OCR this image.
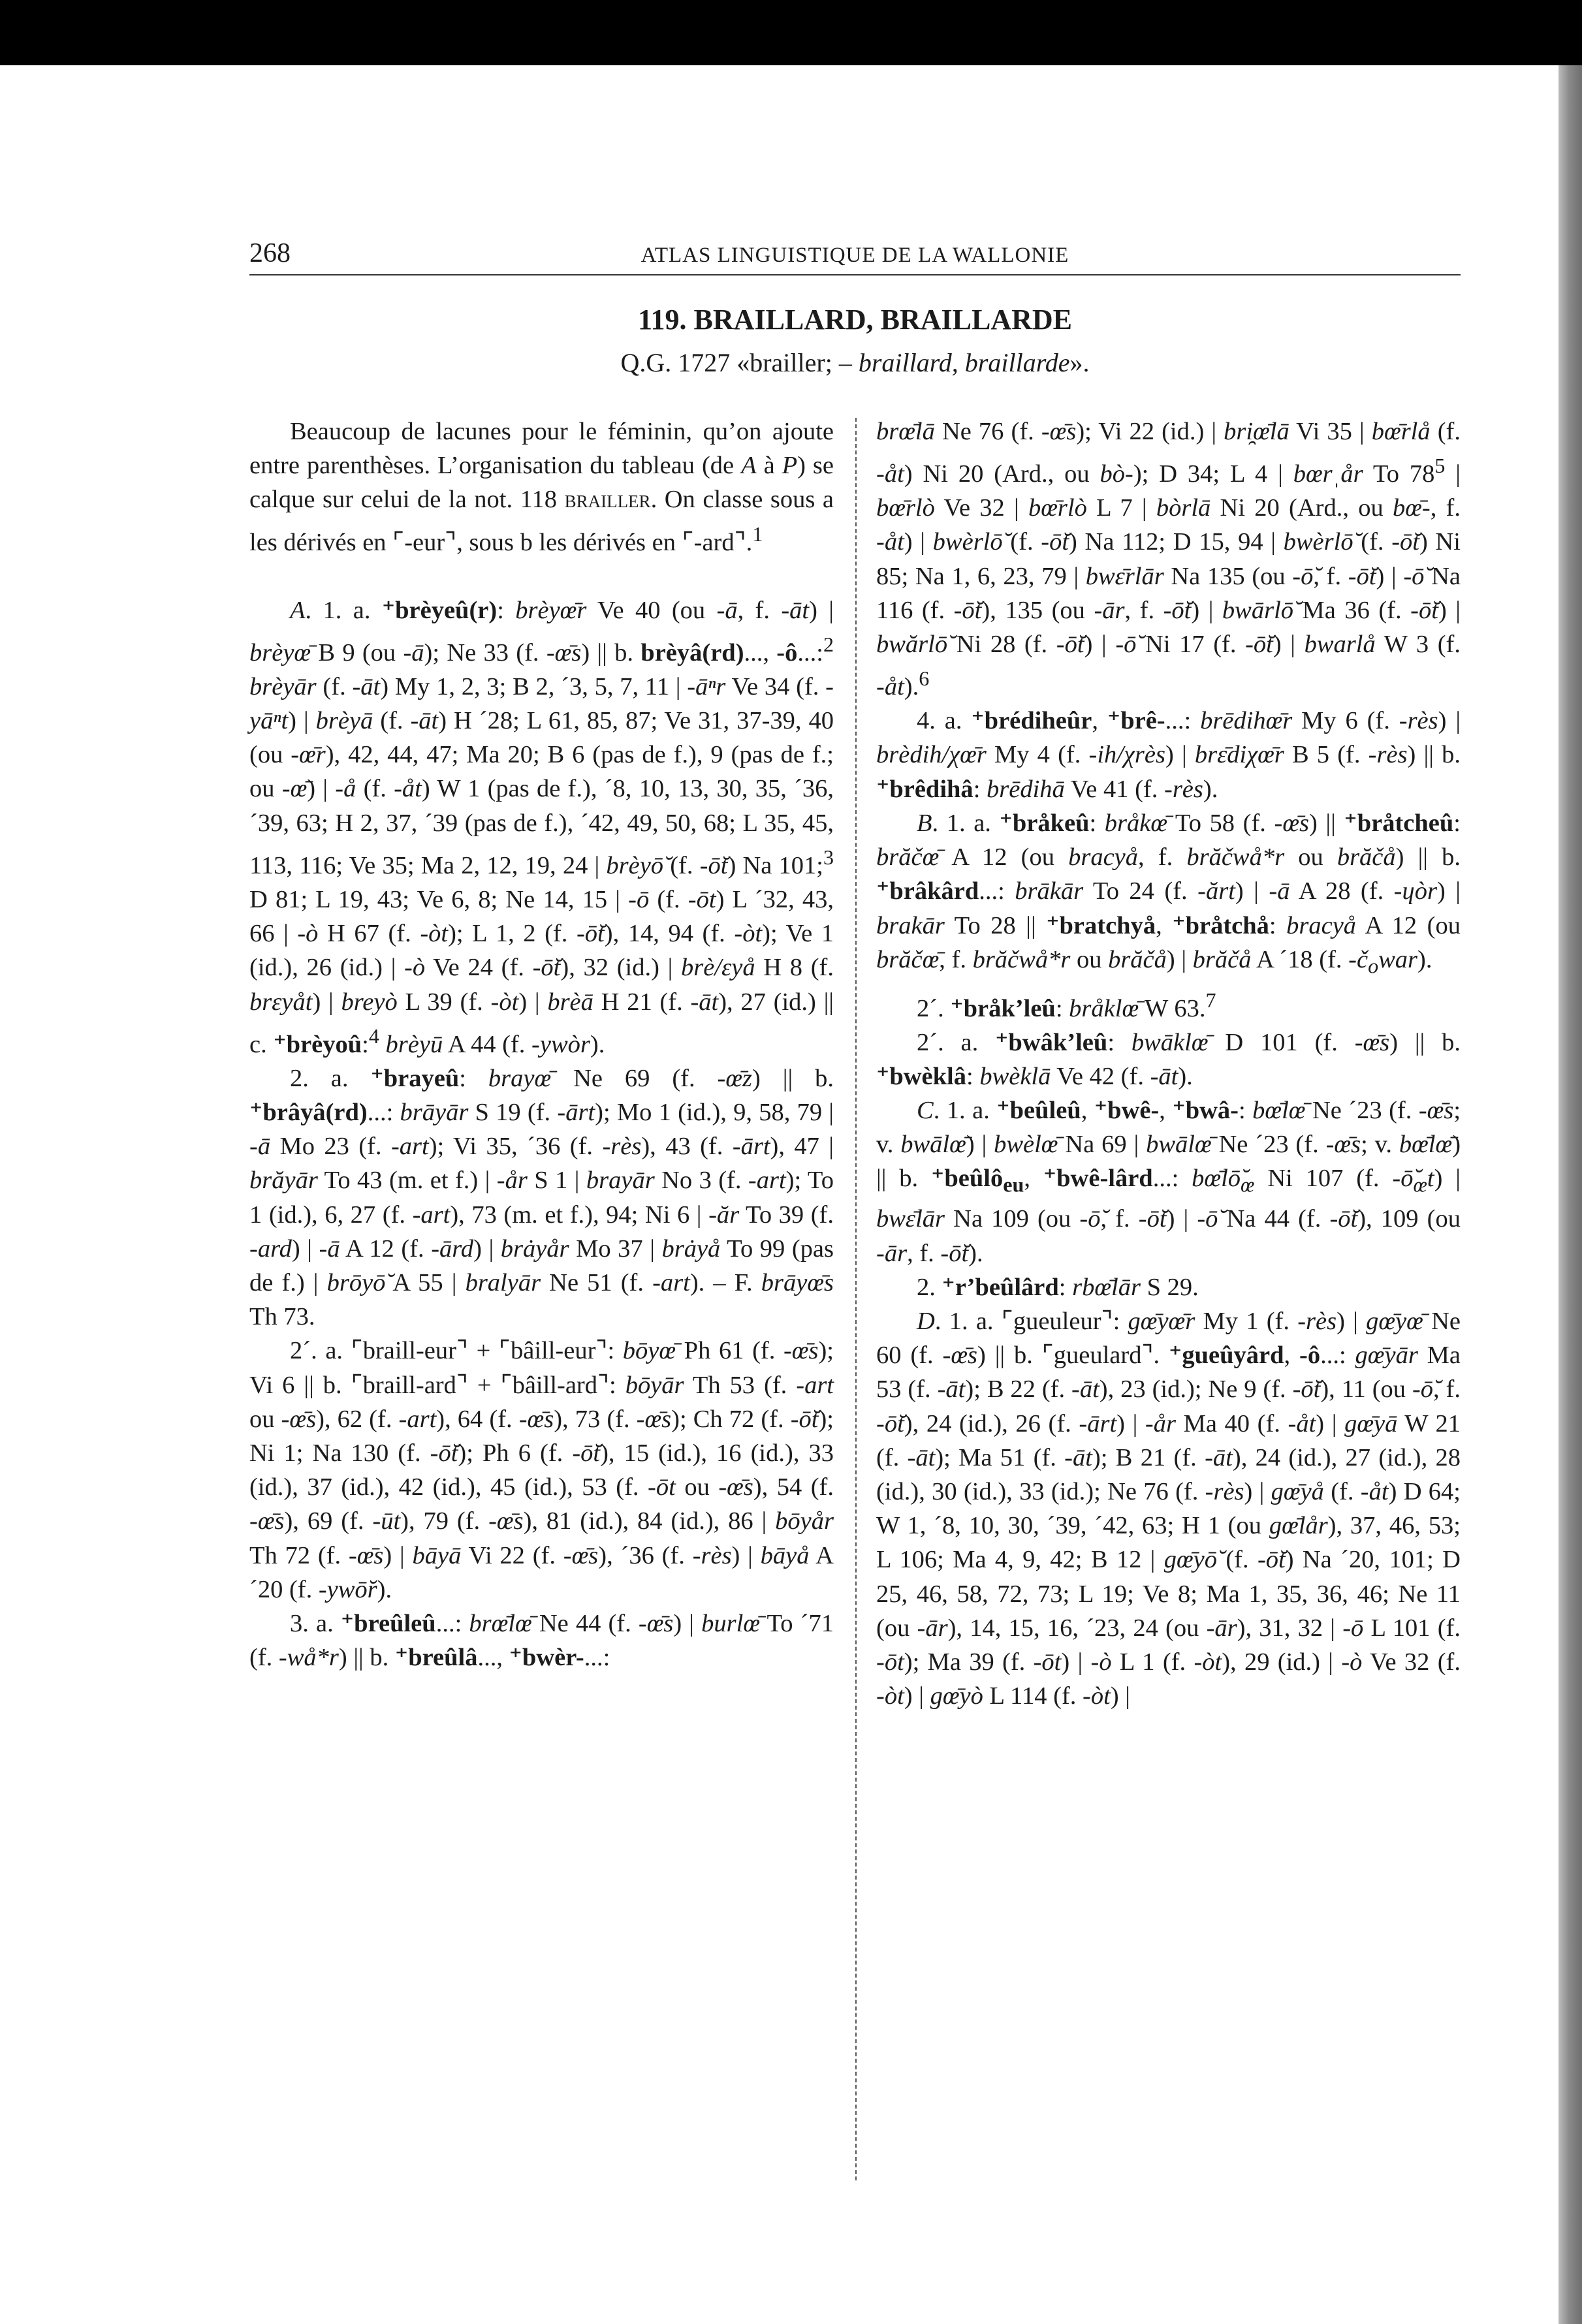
268	ATLAS LINGUISTIQUE DE LA WALLONIE
119. BRAILLARD, BRAILLARDE
Q.G. 1727 «brailler; – braillard, braillarde».

Beaucoup de lacunes pour le féminin, qu’on ajoute entre parenthèses. L’organisation du tableau (de A à P) se calque sur celui de la not. 118 brailler. On classe sous a les dérivés en ⌜-eur⌝, sous b les dérivés en ⌜-ard⌝.$^1$

A. 1. a. ⁺brèyeû(r): brèyœ̄r Ve 40 (ou -ā, f. -āt) | brèyœ̄ B 9 (ou -ā); Ne 33 (f. -œ̄s) || b. brèyâ(rd)..., -ô...:$^2$ brèyār (f. -āt) My 1, 2, 3; B 2, ´3, 5, 7, 11 | -āⁿr Ve 34 (f. -yāⁿt) | brèyā (f. -āt) H ´28; L 61, 85, 87; Ve 31, 37-39, 40 (ou -œ̄r), 42, 44, 47; Ma 20; B 6 (pas de f.), 9 (pas de f.; ou -œ̄) | -å (f. -åt) W 1 (pas de f.), ´8, 10, 13, 30, 35, ´36, ´39, 63; H 2, 37, ´39 (pas de f.), ´42, 49, 50, 68; L 35, 45, 113, 116; Ve 35; Ma 2, 12, 19, 24 | brèyō̆ (f. -ō̆t) Na 101;$^3$ D 81; L 19, 43; Ve 6, 8; Ne 14, 15 | -ō (f. -ōt) L ´32, 43, 66 | -ò H 67 (f. -òt); L 1, 2 (f. -ō̆t), 14, 94 (f. -òt); Ve 1 (id.), 26 (id.) | -ò Ve 24 (f. -ō̆t), 32 (id.) | brè/ɛyå H 8 (f. brɛyåt) | breyò L 39 (f. -òt) | brèā H 21 (f. -āt), 27 (id.) || c. ⁺brèyoû:$^4$ brèyū A 44 (f. -ywòr).

2. a. ⁺brayeû: brayœ̄ Ne 69 (f. -œ̄z) || b. ⁺brâyâ(rd)...: brāyār S 19 (f. -ārt); Mo 1 (id.), 9, 58, 79 | -ā Mo 23 (f. -art); Vi 35, ´36 (f. -rès), 43 (f. -ārt), 47 | brăyār To 43 (m. et f.) | -år S 1 | brayār No 3 (f. -art); To 1 (id.), 6, 27 (f. -art), 73 (m. et f.), 94; Ni 6 | -ăr To 39 (f. -ard) | -ā A 12 (f. -ārd) | brȧyår Mo 37 | brȧyå To 99 (pas de f.) | brōyō̆ A 55 | bralyār Ne 51 (f. -art). – F. brāyœ̄s Th 73.

2´. a. ⌜braill-eur⌝ + ⌜bâill-eur⌝: bōyœ̄ Ph 61 (f. -œ̄s); Vi 6 || b. ⌜braill-ard⌝ + ⌜bâill-ard⌝: bōyār Th 53 (f. -art ou -œ̄s), 62 (f. -art), 64 (f. -œ̄s), 73 (f. -œ̄s); Ch 72 (f. -ō̆t); Ni 1; Na 130 (f. -ō̆t); Ph 6 (f. -ō̆t), 15 (id.), 16 (id.), 33 (id.), 37 (id.), 42 (id.), 45 (id.), 53 (f. -ōt ou -œ̄s), 54 (f. -œ̄s), 69 (f. -ūt), 79 (f. -œ̄s), 81 (id.), 84 (id.), 86 | bōyår Th 72 (f. -œ̄s) | bāyā Vi 22 (f. -œ̄s), ´36 (f. -rès) | bāyå A ´20 (f. -ywō̆r).

3. a. ⁺breûleû...: brœ̄lœ̄ Ne 44 (f. -œ̄s) | burlœ̄ To ´71 (f. -wå*r) || b. ⁺breûlâ..., ⁺bwèr-...:

brœ̄lā Ne 76 (f. -œ̄s); Vi 22 (id.) | bri̯œ̄lā Vi 35 | bœ̄rlå (f. -åt) Ni 20 (Ard., ou bò-); D 34; L 4 | bœrˌår To $78^5$ | bœ̄rlò Ve 32 | bœ̄rlò L 7 | bòrlā Ni 20 (Ard., ou bœ̄-, f. -åt) | bwèrlō̆ (f. -ō̆t) Na 112; D 15, 94 | bwèrlō̆ (f. -ō̆t) Ni 85; Na 1, 6, 23, 79 | bwɛ̄rlār Na 135 (ou -ō̆, f. -ō̆t) | -ō̆ Na 116 (f. -ō̆t), 135 (ou -ār, f. -ō̆t) | bwārlō̆ Ma 36 (f. -ō̆t) | bwărlō̆ Ni 28 (f. -ō̆t) | -ō̆ Ni 17 (f. -ō̆t) | bwarlå W 3 (f. -åt).$^6$

4. a. ⁺brédiheûr, ⁺brê-...: brēdihœ̄r My 6 (f. -rès) | brèdih/χœ̄r My 4 (f. -ih/χrès) | brɛ̄diχœ̄r B 5 (f. -rès) || b. ⁺brêdihâ: brēdihā Ve 41 (f. -rès).

B. 1. a. ⁺bråkeû: bråkœ̄ To 58 (f. -œ̄s) || ⁺bråtcheû: brăčœ̄ A 12 (ou bracyå, f. brăčwå*r ou brăčå) || b. ⁺brâkârd...: brākār To 24 (f. -ărt) | -ā A 28 (f. -ɥòr) | brakār To 28 || ⁺bratchyå, ⁺bråtchå: bracyå A 12 (ou brăčœ̄, f. brăčwå*r ou brăčå) | brăčå A ´18 (f. $-č_owar$).

2´. ⁺bråk’leû: bråklœ̄ W 63.$^7$

2´. a. ⁺bwâk’leû: bwāklœ̄ D 101 (f. -œ̄s) || b. ⁺bwèklâ: bwèklā Ve 42 (f. -āt).

C. 1. a. ⁺beûleû, ⁺bwê-, ⁺bwâ-: bœ̄lœ̄ Ne ´23 (f. -œ̄s; v. bwālœ̄) | bwèlœ̄ Na 69 | bwālœ̄ Ne ´23 (f. -œ̄s; v. bœ̄lœ̄) || b. ⁺beûlô$_{eu}$, ⁺bwê-lârd...: $bœ̄lō̆_œ$ Ni 107 (f. $-ō̆_œt$) | bwɛ̄lār Na 109 (ou -ō̆, f. -ō̆t) | -ō̆ Na 44 (f. -ō̆t), 109 (ou -ār, f. -ō̆t).

2. ⁺r’beûlârd: rbœ̄lār S 29.

D. 1. a. ⌜gueuleur⌝: gœ̄yœ̄r My 1 (f. -rès) | gœ̄yœ̄ Ne 60 (f. -œ̄s) || b. ⌜gueulard⌝. ⁺gueûyârd, -ô...: gœ̄yār Ma 53 (f. -āt); B 22 (f. -āt), 23 (id.); Ne 9 (f. -ō̆t), 11 (ou -ō̆, f. -ō̆t), 24 (id.), 26 (f. -ārt) | -år Ma 40 (f. -åt) | gœ̄yā W 21 (f. -āt); Ma 51 (f. -āt); B 21 (f. -āt), 24 (id.), 27 (id.), 28 (id.), 30 (id.), 33 (id.); Ne 76 (f. -rès) | gœ̄yå (f. -åt) D 64; W 1, ´8, 10, 30, ´39, ´42, 63; H 1 (ou gœ̄lår), 37, 46, 53; L 106; Ma 4, 9, 42; B 12 | gœ̄yō̆ (f. -ō̆t) Na ´20, 101; D 25, 46, 58, 72, 73; L 19; Ve 8; Ma 1, 35, 36, 46; Ne 11 (ou -ār), 14, 15, 16, ´23, 24 (ou -ār), 31, 32 | -ō L 101 (f. -ōt); Ma 39 (f. -ōt) | -ò L 1 (f. -òt), 29 (id.) | -ò Ve 32 (f. -òt) | gœ̄yò L 114 (f. -òt) |
